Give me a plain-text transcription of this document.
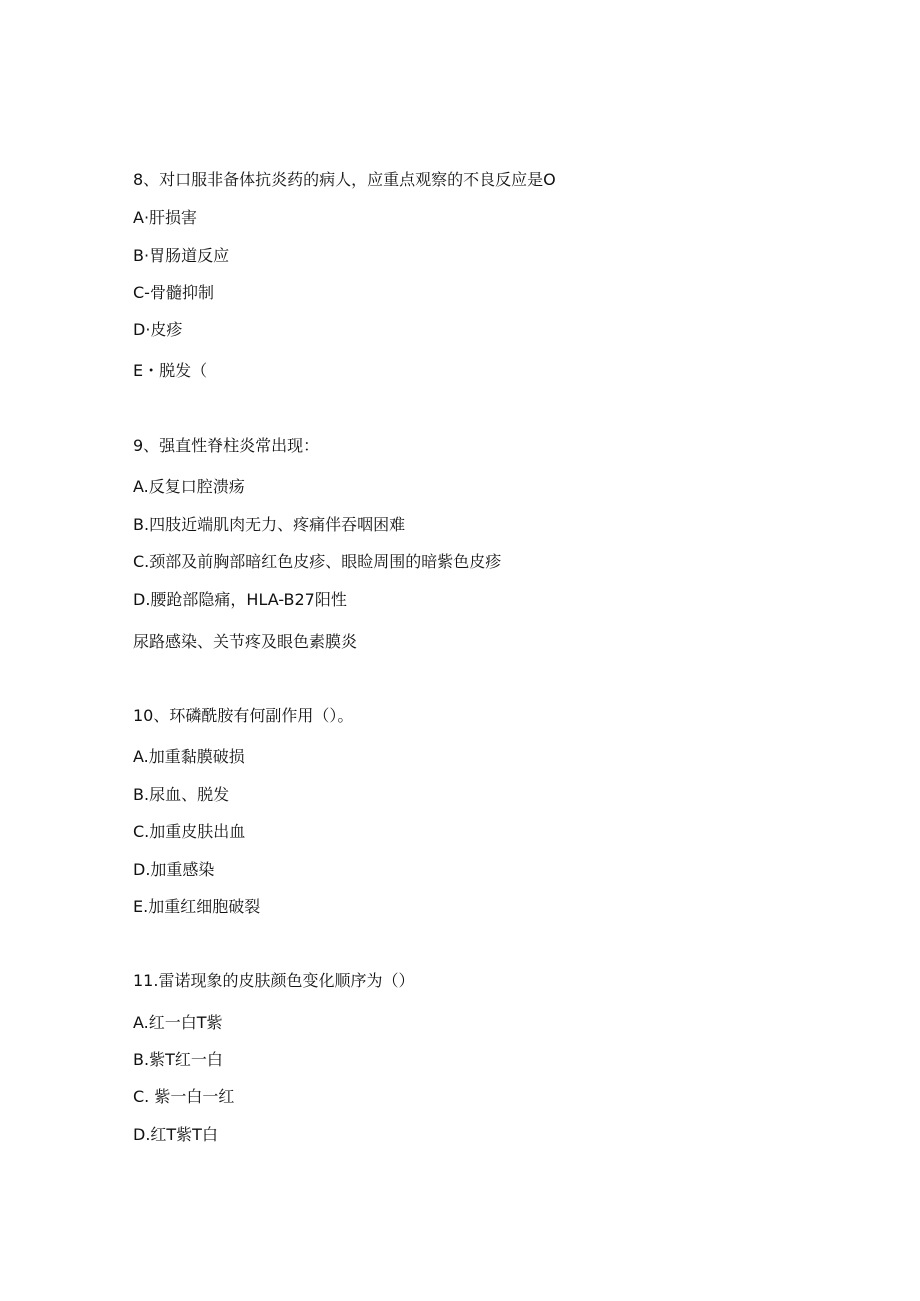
8、对口服非备体抗炎药的病人，应重点观察的不良反应是O
A·肝损害
B·胃肠道反应
C-骨髓抑制
D·皮疹
E・脱发（
9、强直性脊柱炎常出现：
A.反复口腔溃疡
B.四肢近端肌肉无力、疼痛伴吞咽困难
C.颈部及前胸部暗红色皮疹、眼睑周围的暗紫色皮疹
D.腰跄部隐痛，HLA-B27阳性
尿路感染、关节疼及眼色素膜炎
10、环磷酰胺有何副作用（）。
A.加重黏膜破损
B.尿血、脱发
C.加重皮肤出血
D.加重感染
E.加重红细胞破裂
11.雷诺现象的皮肤颜色变化顺序为（）
A.红一白T紫
B.紫T红一白
C. 紫一白一红
D.红T紫T白
